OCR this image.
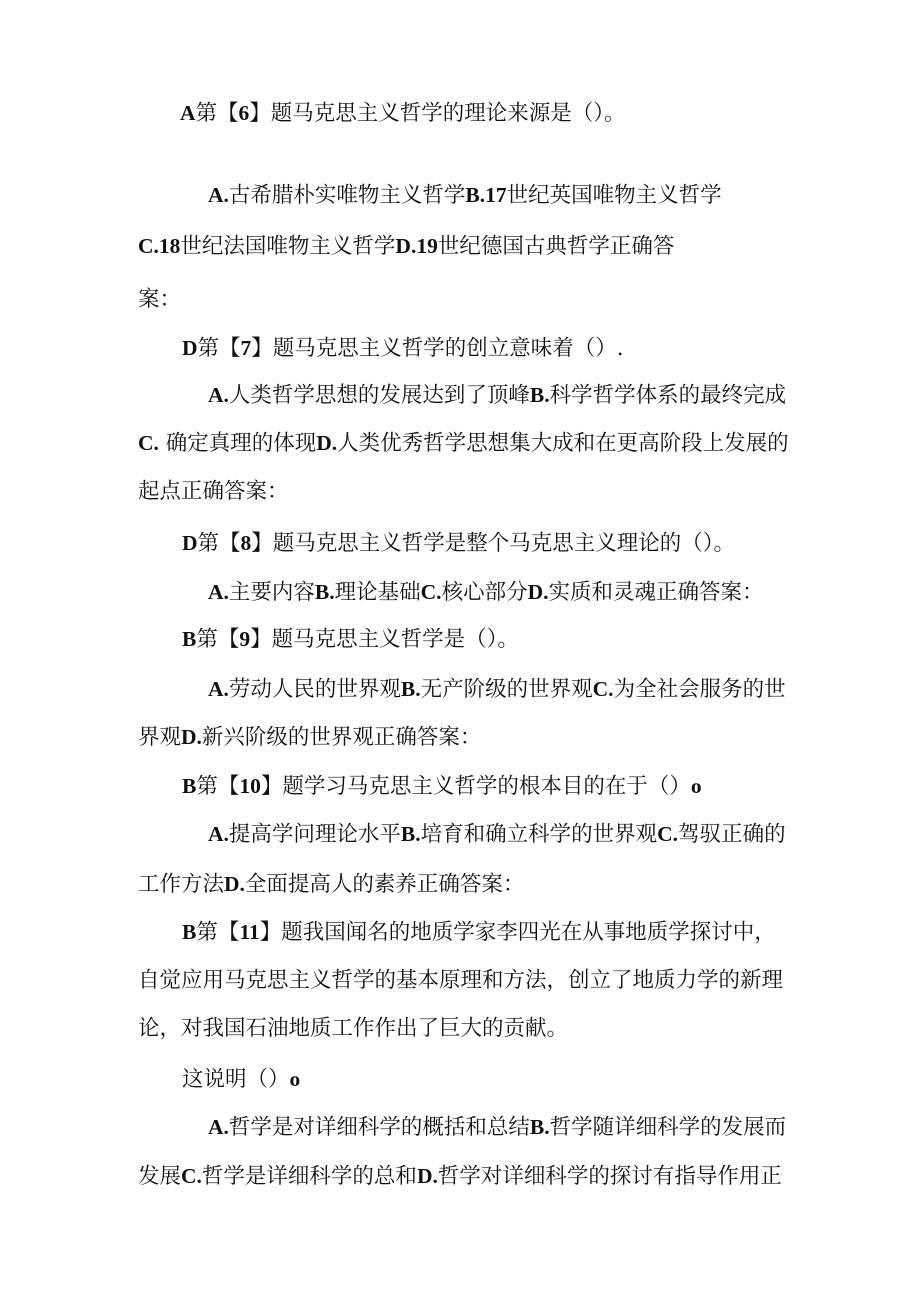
A第【6】题马克思主义哲学的理论来源是（）。
A.古希腊朴实唯物主义哲学B.17世纪英国唯物主义哲学
C.18世纪法国唯物主义哲学D.19世纪德国古典哲学正确答
案：
D第【7】题马克思主义哲学的创立意味着（）.
A.人类哲学思想的发展达到了顶峰B.科学哲学体系的最终完成
C. 确定真理的体现D.人类优秀哲学思想集大成和在更高阶段上发展的
起点正确答案：
D第【8】题马克思主义哲学是整个马克思主义理论的（）。
A.主要内容B.理论基础C.核心部分D.实质和灵魂正确答案：
B第【9】题马克思主义哲学是（）。
A.劳动人民的世界观B.无产阶级的世界观C.为全社会服务的世
界观D.新兴阶级的世界观正确答案：
B第【10】题学习马克思主义哲学的根本目的在于（）o
A.提高学问理论水平B.培育和确立科学的世界观C.驾驭正确的
工作方法D.全面提高人的素养正确答案：
B第【11】题我国闻名的地质学家李四光在从事地质学探讨中，
自觉应用马克思主义哲学的基本原理和方法，创立了地质力学的新理
论，对我国石油地质工作作出了巨大的贡献。
这说明（）o
A.哲学是对详细科学的概括和总结B.哲学随详细科学的发展而
发展C.哲学是详细科学的总和D.哲学对详细科学的探讨有指导作用正
